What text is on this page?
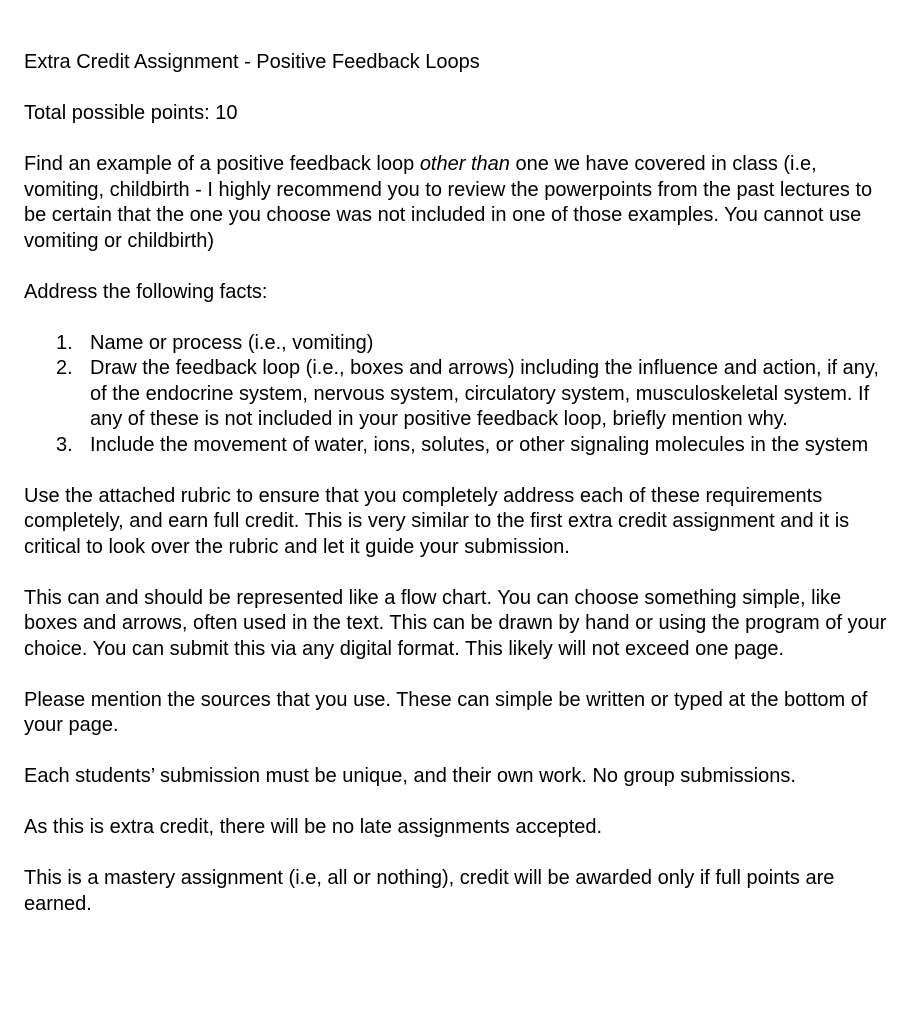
Extra Credit Assignment - Positive Feedback Loops

Total possible points: 10

Find an example of a positive feedback loop other than one we have covered in class (i.e, vomiting, childbirth - I highly recommend you to review the powerpoints from the past lectures to be certain that the one you choose was not included in one of those examples. You cannot use vomiting or childbirth)

Address the following facts:

1. Name or process (i.e., vomiting)
2. Draw the feedback loop (i.e., boxes and arrows) including the influence and action, if any, of the endocrine system, nervous system, circulatory system, musculoskeletal system. If any of these is not included in your positive feedback loop, briefly mention why.
3. Include the movement of water, ions, solutes, or other signaling molecules in the system

Use the attached rubric to ensure that you completely address each of these requirements completely, and earn full credit. This is very similar to the first extra credit assignment and it is critical to look over the rubric and let it guide your submission.

This can and should be represented like a flow chart. You can choose something simple, like boxes and arrows, often used in the text. This can be drawn by hand or using the program of your choice. You can submit this via any digital format. This likely will not exceed one page.

Please mention the sources that you use. These can simple be written or typed at the bottom of your page.

Each students’ submission must be unique, and their own work. No group submissions.

As this is extra credit, there will be no late assignments accepted.

This is a mastery assignment (i.e, all or nothing), credit will be awarded only if full points are earned.
